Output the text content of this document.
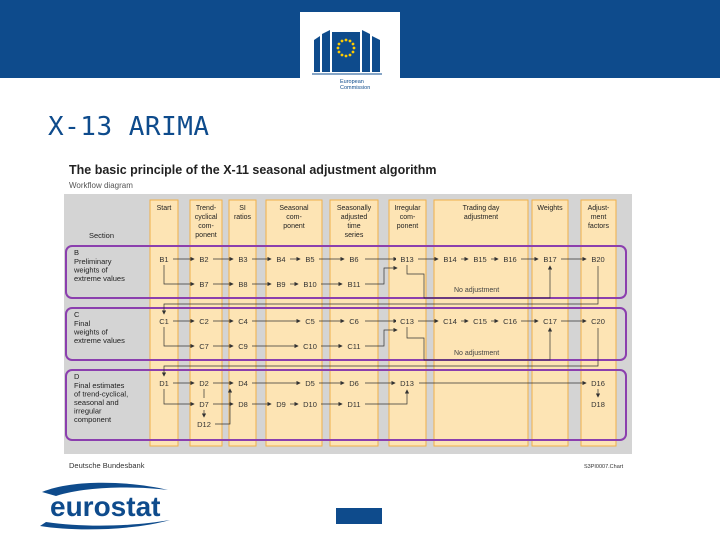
European
Commission
X-13 ARIMA
The basic principle of the X-11 seasonal adjustment algorithm
Workflow diagram
Section
Start	Trend-
cyclical
com-
ponent
SI
ratios
Seasonal
com-
ponent
Seasonally
adjusted
time
series
Irregular
com-
ponent
Trading day
adjustment
Weights	Adjust-
ment
factors
B
Preliminary
weights of
extreme values
C
Final
weights of
extreme values
D
Final estimates
of trend-cyclical,
seasonal and
irregular
component
B1	B2	B3	B4	B5	B6	B13	B14 B15 B16	B17	B20
B7	B8	B9 B10	B11
C1	C2	C4	C5	C6	C13	C14 C15 C16	C17	C20
C7	C9	C10	C11
D1	D2	D4	D5	D6	D13	D16
D7	D8	D9 D10	D11	D18
D12
No adjustment
No adjustment
Deutsche Bundesbank	S3PI0007.Chart
eurostat
